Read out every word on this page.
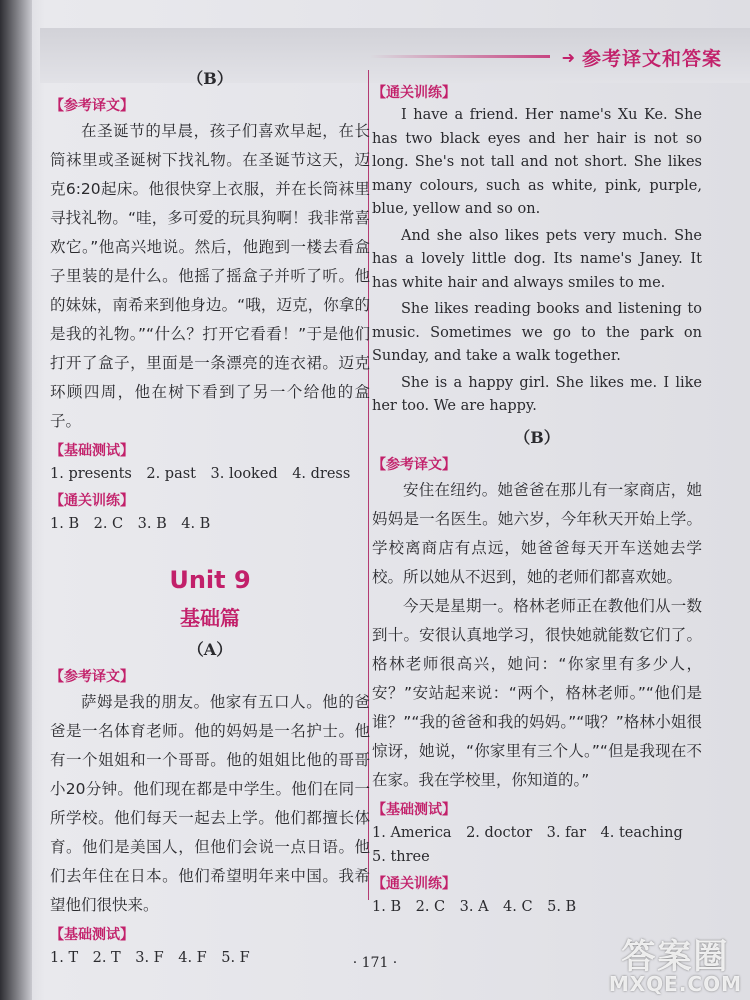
➜ 参考译文和答案
（B）
【参考译文】

在圣诞节的早晨，孩子们喜欢早起，在长筒袜里或圣诞树下找礼物。在圣诞节这天，迈克6:20起床。他很快穿上衣服，并在长筒袜里寻找礼物。“哇，多可爱的玩具狗啊！我非常喜欢它。”他高兴地说。然后，他跑到一楼去看盒子里装的是什么。他摇了摇盒子并听了听。他的妹妹，南希来到他身边。“哦，迈克，你拿的是我的礼物。”“什么？打开它看看！”于是他们打开了盒子，里面是一条漂亮的连衣裙。迈克环顾四周，他在树下看到了另一个给他的盒子。

【基础测试】
1. presents　2. past　3. looked　4. dress
【通关训练】
1. B　2. C　3. B　4. B
Unit 9
基础篇
（A）
【参考译文】

萨姆是我的朋友。他家有五口人。他的爸爸是一名体育老师。他的妈妈是一名护士。他有一个姐姐和一个哥哥。他的姐姐比他的哥哥小20分钟。他们现在都是中学生。他们在同一所学校。他们每天一起去上学。他们都擅长体育。他们是美国人，但他们会说一点日语。他们去年住在日本。他们希望明年来中国。我希望他们很快来。

【基础测试】
1. T　2. T　3. F　4. F　5. F
【通关训练】

I have a friend. Her name's Xu Ke. She has two black eyes and her hair is not so long. She's not tall and not short. She likes many colours, such as white, pink, purple, blue, yellow and so on.

And she also likes pets very much. She has a lovely little dog. Its name's Janey. It has white hair and always smiles to me.

She likes reading books and listening to music. Sometimes we go to the park on Sunday, and take a walk together.

She is a happy girl. She likes me. I like her too. We are happy.

（B）
【参考译文】

安住在纽约。她爸爸在那儿有一家商店，她妈妈是一名医生。她六岁，今年秋天开始上学。学校离商店有点远，她爸爸每天开车送她去学校。所以她从不迟到，她的老师们都喜欢她。

今天是星期一。格林老师正在教他们从一数到十。安很认真地学习，很快她就能数它们了。格林老师很高兴，她问：“你家里有多少人，安？”安站起来说：“两个，格林老师。”“他们是谁？”“我的爸爸和我的妈妈。”“哦？”格林小姐很惊讶，她说，“你家里有三个人。”“但是我现在不在家。我在学校里，你知道的。”

【基础测试】
1. America　2. doctor　3. far　4. teaching　5. three
【通关训练】
1. B　2. C　3. A　4. C　5. B
· 171 ·	答案圈
MXQE.COM
